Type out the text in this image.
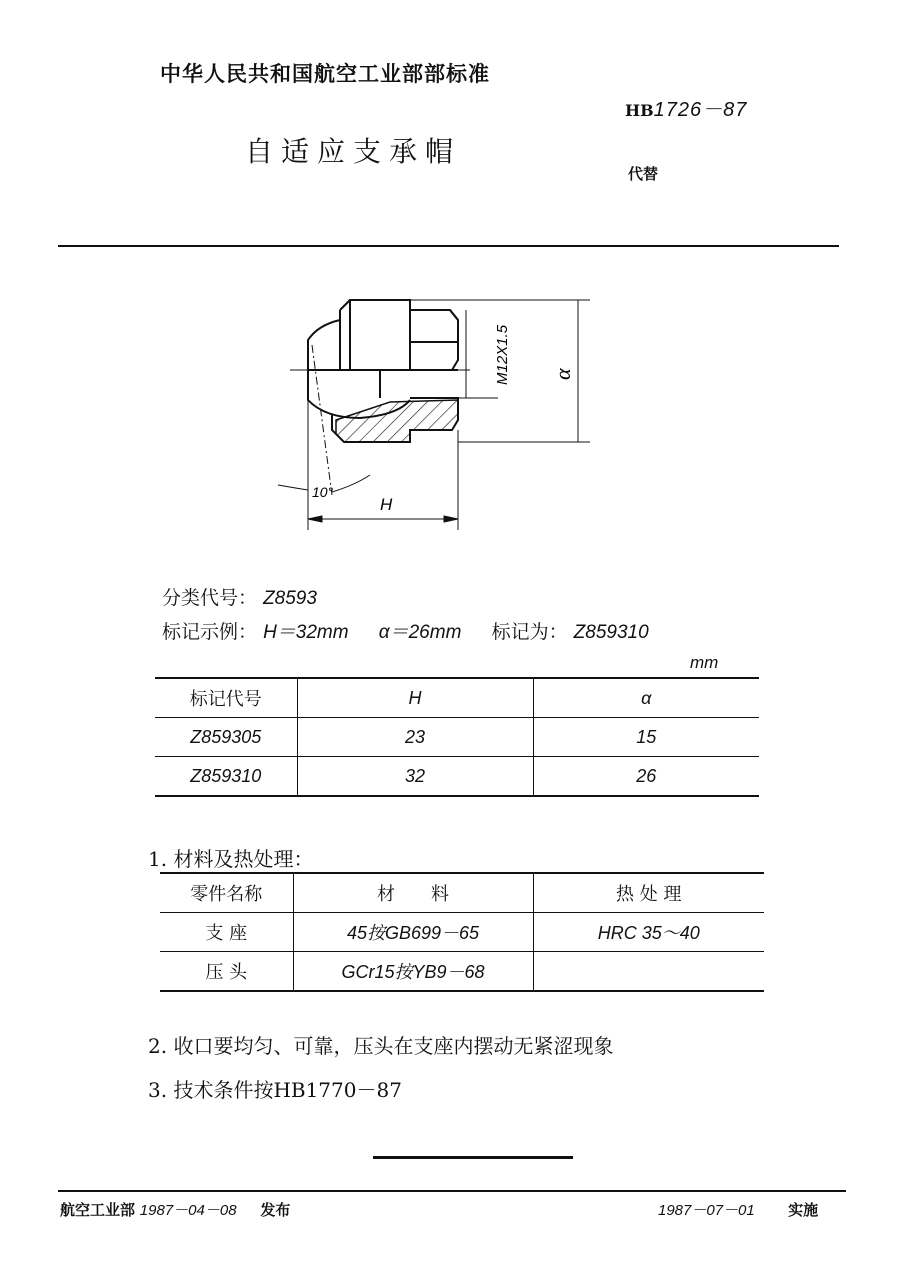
中华人民共和国航空工业部部标准
HB1726－87
自适应支承帽
代替
M12X1.5 α
10°
H
分类代号： Z8593
标记示例： H＝32mm α＝26mm 标记为： Z859310
mm
标记代号	H	α
Z859305	23	15
Z859310	32	26
1. 材料及热处理：
零件名称	材　　料	热 处 理
支 座	45按GB699－65	HRC 35～40
压 头	GCr15按YB9－68	
2. 收口要均匀、可靠，压头在支座内摆动无紧涩现象
3. 技术条件按HB1770－87
航空工业部 1987－04－08 发布	1987－07－01 实施
